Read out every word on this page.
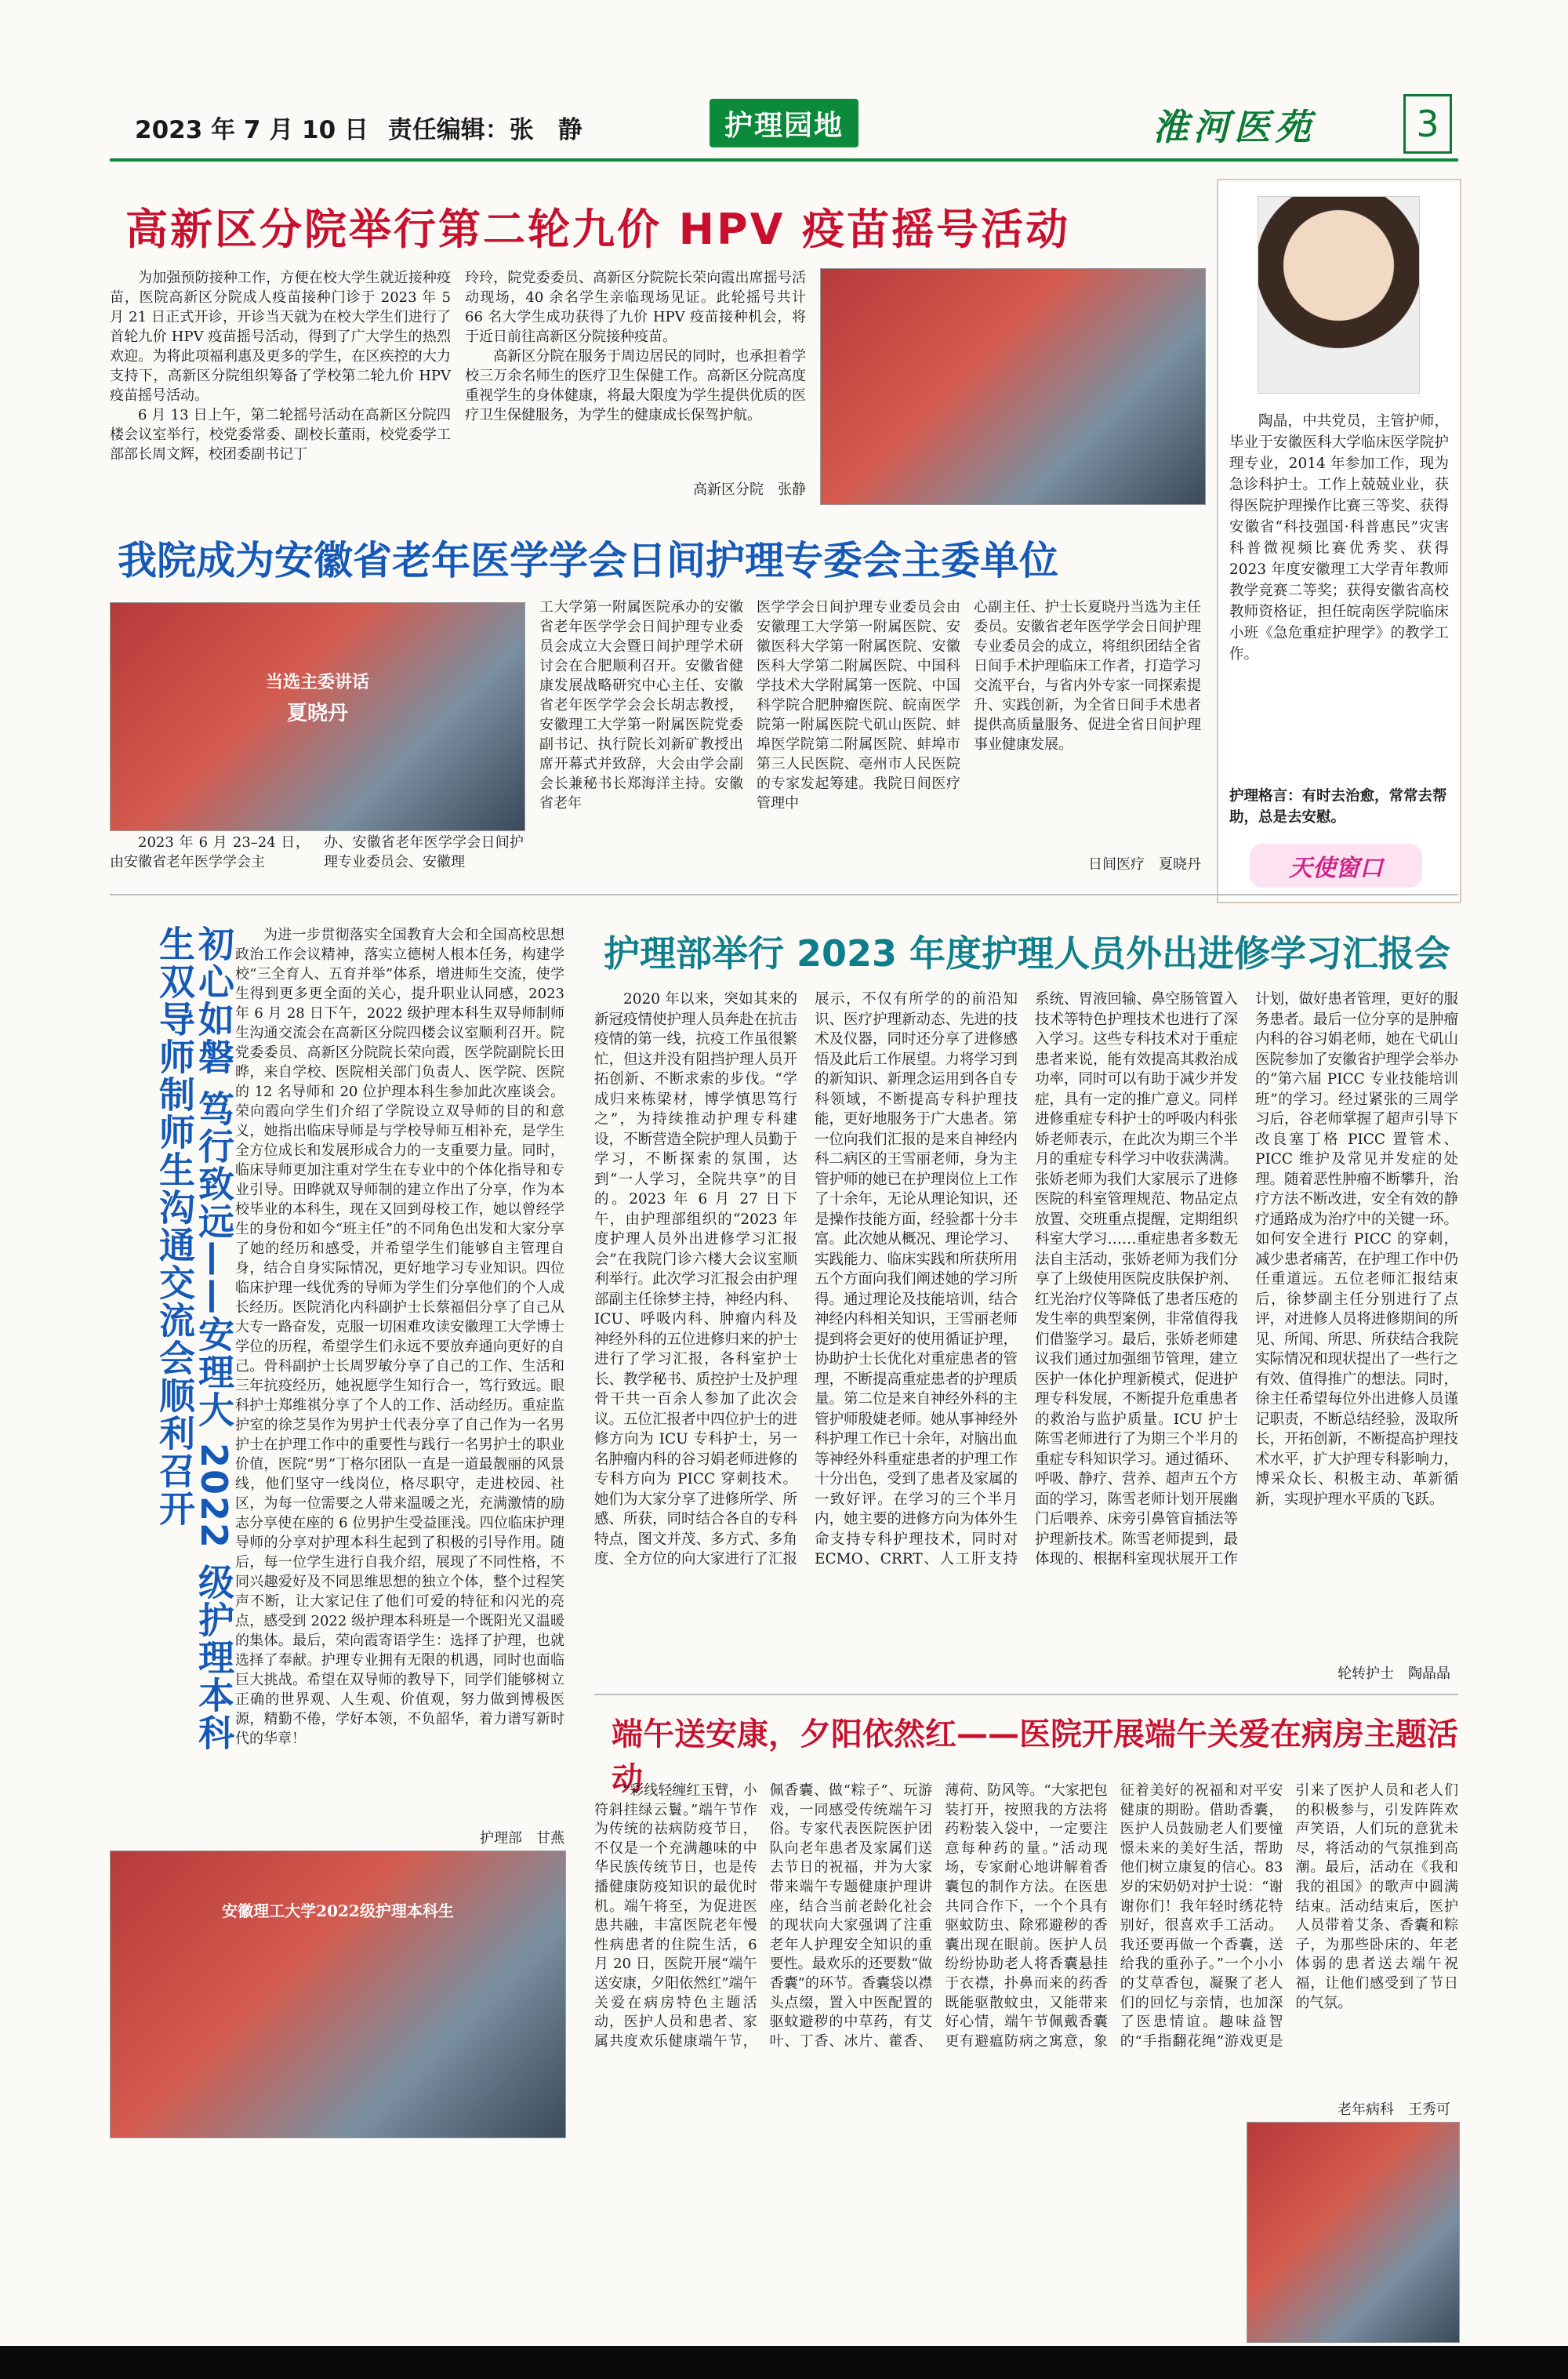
2023 年 7 月 10 日 责任编辑：张　静	护理园地	淮河医苑	3
高新区分院举行第二轮九价 HPV 疫苗摇号活动

为加强预防接种工作，方便在校大学生就近接种疫苗，医院高新区分院成人疫苗接种门诊于 2023 年 5 月 21 日正式开诊，开诊当天就为在校大学生们进行了首轮九价 HPV 疫苗摇号活动，得到了广大学生的热烈欢迎。为将此项福利惠及更多的学生，在区疾控的大力支持下，高新区分院组织筹备了学校第二轮九价 HPV 疫苗摇号活动。

6 月 13 日上午，第二轮摇号活动在高新区分院四楼会议室举行，校党委常委、副校长董雨，校党委学工部部长周文辉，校团委副书记丁

玲玲，院党委委员、高新区分院院长荣向霞出席摇号活动现场，40 余名学生亲临现场见证。此轮摇号共计 66 名大学生成功获得了九价 HPV 疫苗接种机会，将于近日前往高新区分院接种疫苗。

高新区分院在服务于周边居民的同时，也承担着学校三万余名师生的医疗卫生保健工作。高新区分院高度重视学生的身体健康，将最大限度为学生提供优质的医疗卫生保健服务，为学生的健康成长保驾护航。

高新区分院　张静
我院成为安徽省老年医学学会日间护理专委会主委单位
当选主委讲话
夏晓丹

2023 年 6 月 23–24 日，由安徽省老年医学学会主

办、安徽省老年医学学会日间护理专业委员会、安徽理

工大学第一附属医院承办的安徽省老年医学学会日间护理专业委员会成立大会暨日间护理学术研讨会在合肥顺利召开。安徽省健康发展战略研究中心主任、安徽省老年医学学会会长胡志教授，安徽理工大学第一附属医院党委副书记、执行院长刘新矿教授出席开幕式并致辞，大会由学会副会长兼秘书长郑海洋主持。安徽省老年

医学学会日间护理专业委员会由安徽理工大学第一附属医院、安徽医科大学第一附属医院、安徽医科大学第二附属医院、中国科学技术大学附属第一医院、中国科学院合肥肿瘤医院、皖南医学院第一附属医院弋矶山医院、蚌埠医学院第二附属医院、蚌埠市第三人民医院、亳州市人民医院的专家发起筹建。我院日间医疗管理中

心副主任、护士长夏晓丹当选为主任委员。安徽省老年医学学会日间护理专业委员会的成立，将组织团结全省日间手术护理临床工作者，打造学习交流平台，与省内外专家一同探索提升、实践创新，为全省日间手术患者提供高质量服务、促进全省日间护理事业健康发展。

日间医疗　夏晓丹

陶晶，中共党员，主管护师，毕业于安徽医科大学临床医学院护理专业，2014 年参加工作，现为急诊科护士。工作上兢兢业业，获得医院护理操作比赛三等奖、获得安徽省“科技强国·科普惠民”灾害科普微视频比赛优秀奖、获得 2023 年度安徽理工大学青年教师教学竞赛二等奖；获得安徽省高校教师资格证，担任皖南医学院临床小班《急危重症护理学》的教学工作。

护理格言：有时去治愈，常常去帮助，总是去安慰。
天使窗口
初心如磐 笃行致远——安理大 2022 级护理本科生双导师制师生沟通交流会顺利召开	为进一步贯彻落实全国教育大会和全国高校思想政治工作会议精神，落实立德树人根本任务，构建学校“三全育人、五育并举”体系，增进师生交流，使学生得到更多更全面的关心，提升职业认同感，2023 年 6 月 28 日下午，2022 级护理本科生双导师制师生沟通交流会在高新区分院四楼会议室顺利召开。院党委委员、高新区分院院长荣向霞，医学院副院长田晔，来自学校、医院相关部门负责人、医学院、医院的 12 名导师和 20 位护理本科生参加此次座谈会。荣向霞向学生们介绍了学院设立双导师的目的和意义，她指出临床导师是与学校导师互相补充，是学生全方位成长和发展形成合力的一支重要力量。同时，临床导师更加注重对学生在专业中的个体化指导和专业引导。田晔就双导师制的建立作出了分享，作为本校毕业的本科生，现在又回到母校工作，她以曾经学生的身份和如今“班主任”的不同角色出发和大家分享了她的经历和感受，并希望学生们能够自主管理自身，结合自身实际情况，更好地学习专业知识。四位临床护理一线优秀的导师为学生们分享他们的个人成长经历。医院消化内科副护士长蔡福侣分享了自己从大专一路奋发，克服一切困难攻读安徽理工大学博士学位的历程，希望学生们永远不要放弃通向更好的自己。骨科副护士长周罗敏分享了自己的工作、生活和三年抗疫经历，她祝愿学生知行合一，笃行致远。眼科护士郑维祺分享了个人的工作、活动经历。重症监护室的徐芝昊作为男护士代表分享了自己作为一名男护士在护理工作中的重要性与践行一名男护士的职业价值，医院“男”丁格尔团队一直是一道最靓丽的风景线，他们坚守一线岗位，格尽职守，走进校园、社区，为每一位需要之人带来温暖之光，充满激情的励志分享使在座的 6 位男护生受益匪浅。四位临床护理导师的分享对护理本科生起到了积极的引导作用。随后，每一位学生进行自我介绍，展现了不同性格，不同兴趣爱好及不同思维思想的独立个体，整个过程笑声不断，让大家记住了他们可爱的特征和闪光的亮点，感受到 2022 级护理本科班是一个既阳光又温暖的集体。最后，荣向霞寄语学生：选择了护理，也就选择了奉献。护理专业拥有无限的机遇，同时也面临巨大挑战。希望在双导师的教导下，同学们能够树立正确的世界观、人生观、价值观，努力做到博极医源，精勤不倦，学好本领，不负韶华，着力谱写新时代的华章！

护理部　甘燕
安徽理工大学2022级护理本科生
护理部举行 2023 年度护理人员外出进修学习汇报会

2020 年以来，突如其来的新冠疫情使护理人员奔赴在抗击疫情的第一线，抗疫工作虽很繁忙，但这并没有阻挡护理人员开拓创新、不断求索的步伐。“学成归来栋梁材，博学慎思笃行之”，为持续推动护理专科建设，不断营造全院护理人员勤于学习，不断探索的氛围，达到“一人学习，全院共享”的目的。2023 年 6 月 27 日下午，由护理部组织的“2023 年度护理人员外出进修学习汇报会”在我院门诊六楼大会议室顺利举行。此次学习汇报会由护理部副主任徐梦主持，神经内科、ICU、呼吸内科、肿瘤内科及神经外科的五位进修归来的护士进行了学习汇报，各科室护士长、教学秘书、质控护士及护理骨干共一百余人参加了此次会议。五位汇报者中四位护士的进修方向为 ICU 专科护士，另一名肿瘤内科的谷习娟老师进修的专科方向为 PICC 穿刺技术。她们为大家分享了进修所学、所感、所获，同时结合各自的专科特点，图文并茂、多方式、多角度、全方位的向大家进行了汇报展示，不仅有所学的的前沿知识、医疗护理新动态、先进的技术及仪器，同时还分享了进修感悟及此后工作展望。力将学习到的新知识、新理念运用到各自专科领域，不断提高专科护理技能，更好地服务于广大患者。第一位向我们汇报的是来自神经内科二病区的王雪丽老师，身为主管护师的她已在护理岗位上工作了十余年，无论从理论知识，还是操作技能方面，经验都十分丰富。此次她从概况、理论学习、实践能力、临床实践和所获所用五个方面向我们阐述她的学习所得。通过理论及技能培训，结合神经内科相关知识，王雪丽老师提到将会更好的使用循证护理，协助护士长优化对重症患者的管理，不断提高重症患者的护理质量。第二位是来自神经外科的主管护师殷婕老师。她从事神经外科护理工作已十余年，对脑出血等神经外科重症患者的护理工作十分出色，受到了患者及家属的一致好评。在学习的三个半月内，她主要的进修方向为体外生命支持专科护理技术，同时对 ECMO、CRRT、人工肝支持系统、胃液回输、鼻空肠管置入技术等特色护理技术也进行了深入学习。这些专科技术对于重症患者来说，能有效提高其救治成功率，同时可以有助于减少并发症，具有一定的推广意义。同样进修重症专科护士的呼吸内科张娇老师表示，在此次为期三个半月的重症专科学习中收获满满。张娇老师为我们大家展示了进修医院的科室管理规范、物品定点放置、交班重点提醒，定期组织科室大学习……重症患者多数无法自主活动，张娇老师为我们分享了上级使用医院皮肤保护剂、红光治疗仪等降低了患者压疮的发生率的典型案例，非常值得我们借鉴学习。最后，张娇老师建议我们通过加强细节管理，建立医护一体化护理新模式，促进护理专科发展，不断提升危重患者的救治与监护质量。ICU 护士陈雪老师进行了为期三个半月的重症专科知识学习。通过循环、呼吸、静疗、营养、超声五个方面的学习，陈雪老师计划开展幽门后喂养、床旁引鼻管盲插法等护理新技术。陈雪老师提到，最体现的、根据科室现状展开工作计划，做好患者管理，更好的服务患者。最后一位分享的是肿瘤内科的谷习娟老师，她在弋矶山医院参加了安徽省护理学会举办的“第六届 PICC 专业技能培训班”的学习。经过紧张的三周学习后，谷老师掌握了超声引导下改良塞丁格 PICC 置管术、PICC 维护及常见并发症的处理。随着恶性肿瘤不断攀升，治疗方法不断改进，安全有效的静疗通路成为治疗中的关键一环。如何安全进行 PICC 的穿刺，减少患者痛苦，在护理工作中仍任重道远。五位老师汇报结束后，徐梦副主任分别进行了点评，对进修人员将进修期间的所见、所闻、所思、所获结合我院实际情况和现状提出了一些行之有效、值得推广的想法。同时，徐主任希望每位外出进修人员谨记职责，不断总结经验，汲取所长，开拓创新，不断提高护理技术水平，扩大护理专科影响力，博采众长、积极主动、革新循新，实现护理水平质的飞跃。

轮转护士　陶晶晶
端午送安康，夕阳依然红——医院开展端午关爱在病房主题活动

“彩线轻缠红玉臂，小符斜挂绿云鬟。”端午节作为传统的祛病防疫节日，不仅是一个充满趣味的中华民族传统节日，也是传播健康防疫知识的最优时机。端午将至，为促进医患共融，丰富医院老年慢性病患者的住院生活，6 月 20 日，医院开展“端午送安康，夕阳依然红”端午关爱在病房特色主题活动，医护人员和患者、家属共度欢乐健康端午节，佩香囊、做“粽子”、玩游戏，一同感受传统端午习俗。专家代表医院医护团队向老年患者及家属们送去节日的祝福，并为大家带来端午专题健康护理讲座，结合当前老龄化社会的现状向大家强调了注重老年人护理安全知识的重要性。最欢乐的还要数“做香囊”的环节。香囊袋以襟头点缀，置入中医配置的驱蚊避秽的中草药，有艾叶、丁香、冰片、藿香、薄荷、防风等。“大家把包装打开，按照我的方法将药粉装入袋中，一定要注意每种药的量。”活动现场，专家耐心地讲解着香囊包的制作方法。在医患共同合作下，一个个具有驱蚊防虫、除邪避秽的香囊出现在眼前。医护人员纷纷协助老人将香囊悬挂于衣襟，扑鼻而来的药香既能驱散蚊虫，又能带来好心情，端午节佩戴香囊更有避瘟防病之寓意，象征着美好的祝福和对平安健康的期盼。借助香囊，医护人员鼓励老人们要憧憬未来的美好生活，帮助他们树立康复的信心。83 岁的宋奶奶对护士说：“谢谢你们！我年轻时绣花特别好，很喜欢手工活动。我还要再做一个香囊，送给我的重孙子。”一个小小的艾草香包，凝聚了老人们的回忆与亲情，也加深了医患情谊。趣味益智的“手指翻花绳”游戏更是引来了医护人员和老人们的积极参与，引发阵阵欢声笑语，人们玩的意犹未尽，将活动的气氛推到高潮。最后，活动在《我和我的祖国》的歌声中圆满结束。活动结束后，医护人员带着艾条、香囊和粽子，为那些卧床的、年老体弱的患者送去端午祝福，让他们感受到了节日的气氛。

老年病科　王秀可
